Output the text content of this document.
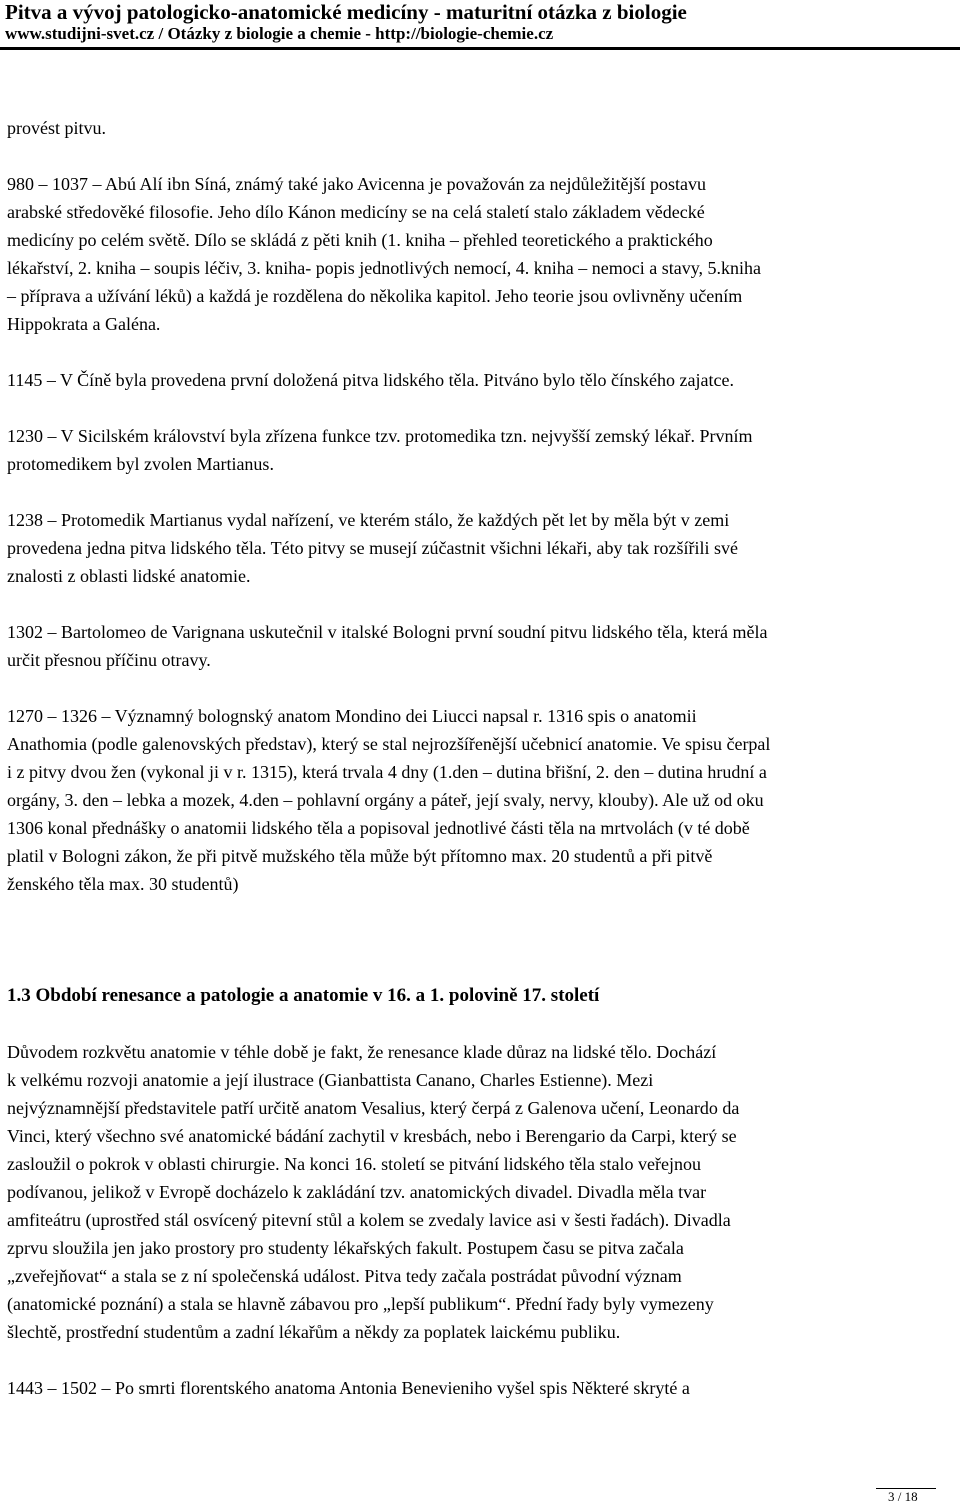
Pitva a vývoj patologicko-anatomické medicíny - maturitní otázka z biologie
www.studijni-svet.cz / Otázky z biologie a chemie - http://biologie-chemie.cz
provést pitvu.
980 – 1037 – Abú Alí ibn Síná, známý také jako Avicenna je považován za nejdůležitější postavu
arabské středověké filosofie. Jeho dílo Kánon medicíny se na celá staletí stalo základem vědecké
medicíny po celém světě. Dílo se skládá z pěti knih (1. kniha – přehled teoretického a praktického
lékařství, 2. kniha – soupis léčiv, 3. kniha- popis jednotlivých nemocí, 4. kniha – nemoci a stavy, 5.kniha
– příprava a užívání léků) a každá je rozdělena do několika kapitol. Jeho teorie jsou ovlivněny učením
Hippokrata a Galéna.
1145 – V Číně byla provedena první doložená pitva lidského těla. Pitváno bylo tělo čínského zajatce.
1230 – V Sicilském království byla zřízena funkce tzv. protomedika tzn. nejvyšší zemský lékař. Prvním
protomedikem byl zvolen Martianus.
1238 – Protomedik Martianus vydal nařízení, ve kterém stálo, že každých pět let by měla být v zemi
provedena jedna pitva lidského těla. Této pitvy se musejí zúčastnit všichni lékaři, aby tak rozšířili své
znalosti z oblasti lidské anatomie.
1302 – Bartolomeo de Varignana uskutečnil v italské Bologni první soudní pitvu lidského těla, která měla
určit přesnou příčinu otravy.
1270 – 1326 – Významný bolognský anatom Mondino dei Liucci napsal r. 1316 spis o anatomii
Anathomia (podle galenovských představ), který se stal nejrozšířenější učebnicí anatomie. Ve spisu čerpal
i z pitvy dvou žen (vykonal ji v r. 1315), která trvala 4 dny (1.den – dutina břišní, 2. den – dutina hrudní a
orgány, 3. den – lebka a mozek, 4.den – pohlavní orgány a páteř, její svaly, nervy, klouby). Ale už od oku
1306 konal přednášky o anatomii lidského těla a popisoval jednotlivé části těla na mrtvolách (v té době
platil v Bologni zákon, že při pitvě mužského těla může být přítomno max. 20 studentů a při pitvě
ženského těla max. 30 studentů)
1.3 Období renesance a patologie a anatomie v 16. a 1. polovině 17. století
Důvodem rozkvětu anatomie v téhle době je fakt, že renesance klade důraz na lidské tělo. Dochází
k velkému rozvoji anatomie a její ilustrace (Gianbattista Canano, Charles Estienne). Mezi
nejvýznamnější představitele patří určitě anatom Vesalius, který čerpá z Galenova učení, Leonardo da
Vinci, který všechno své anatomické bádání zachytil v kresbách, nebo i Berengario da Carpi, který se
zasloužil o pokrok v oblasti chirurgie. Na konci 16. století se pitvání lidského těla stalo veřejnou
podívanou, jelikož v Evropě docházelo k zakládání tzv. anatomických divadel. Divadla měla tvar
amfiteátru (uprostřed stál osvícený pitevní stůl a kolem se zvedaly lavice asi v šesti řadách). Divadla
zprvu sloužila jen jako prostory pro studenty lékařských fakult. Postupem času se pitva začala
„zveřejňovat“ a stala se z ní společenská událost. Pitva tedy začala postrádat původní význam
(anatomické poznání) a stala se hlavně zábavou pro „lepší publikum“. Přední řady byly vymezeny
šlechtě, prostřední studentům a zadní lékařům a někdy za poplatek laickému publiku.
1443 – 1502 – Po smrti florentského anatoma Antonia Benevieniho vyšel spis Některé skryté a
3 / 18
